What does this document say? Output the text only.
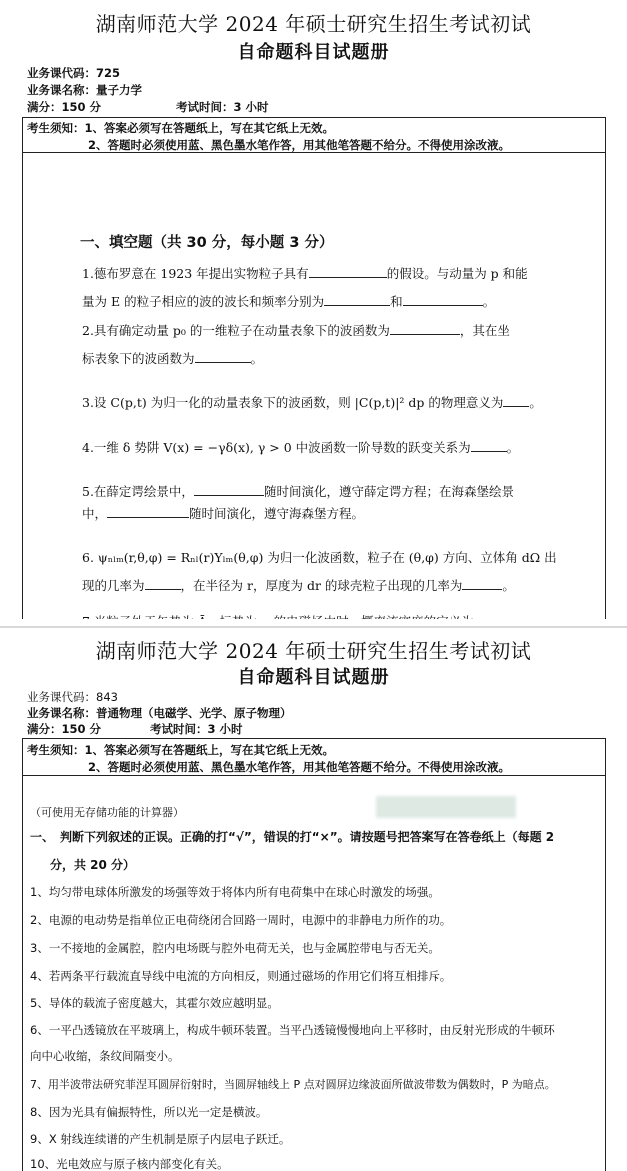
湖南师范大学 2024 年硕士研究生招生考试初试
自命题科目试题册
业务课代码：725
业务课名称：量子力学
满分：150 分	考试时间：3 小时
考生须知：1、答案必须写在答题纸上，写在其它纸上无效。
2、答题时必须使用蓝、黑色墨水笔作答，用其他笔答题不给分。不得使用涂改液。
一、填空题（共 30 分，每小题 3 分）
1.德布罗意在 1923 年提出实物粒子具有	的假设。与动量为 p 和能
量为 E 的粒子相应的波的波长和频率分别为	和	。
2.具有确定动量 p₀ 的一维粒子在动量表象下的波函数为	，其在坐
标表象下的波函数为	。
3.设 C(p,t) 为归一化的动量表象下的波函数，则 |C(p,t)|² dp 的物理意义为 。
4.一维 δ 势阱 V(x) = −γδ(x), γ > 0 中波函数一阶导数的跃变关系为	。
5.在薛定谔绘景中，	随时间演化，遵守薛定谔方程；在海森堡绘景
中，	随时间演化，遵守海森堡方程。
6. ψₙₗₘ(r,θ,φ) = Rₙₗ(r)Yₗₘ(θ,φ) 为归一化波函数，粒子在 (θ,φ) 方向、立体角 dΩ 出
现的几率为	，在半径为 r，厚度为 dr 的球壳粒子出现的几率为	。
湖南师范大学 2024 年硕士研究生招生考试初试
自命题科目试题册
业务课代码：843
业务课名称：普通物理（电磁学、光学、原子物理）
满分：150 分	考试时间：3 小时
考生须知：1、答案必须写在答题纸上，写在其它纸上无效。
2、答题时必须使用蓝、黑色墨水笔作答，用其他笔答题不给分。不得使用涂改液。
（可使用无存储功能的计算器）
一、　判断下列叙述的正误。正确的打“√”，错误的打“×”。请按题号把答案写在答卷纸上（每题 2
分，共 20 分）
1、均匀带电球体所激发的场强等效于将体内所有电荷集中在球心时激发的场强。
2、电源的电动势是指单位正电荷绕闭合回路一周时，电源中的非静电力所作的功。
3、一不接地的金属腔，腔内电场既与腔外电荷无关，也与金属腔带电与否无关。
4、若两条平行载流直导线中电流的方向相反，则通过磁场的作用它们将互相排斥。
5、导体的载流子密度越大，其霍尔效应越明显。
6、一平凸透镜放在平玻璃上，构成牛顿环装置。当平凸透镜慢慢地向上平移时，由反射光形成的牛顿环
向中心收缩，条纹间隔变小。
7、用半波带法研究菲涅耳圆屏衍射时，当圆屏轴线上 P 点对圆屏边缘波面所做波带数为偶数时，P 为暗点。
8、因为光具有偏振特性，所以光一定是横波。
9、X 射线连续谱的产生机制是原子内层电子跃迁。
10、光电效应与原子核内部变化有关。
